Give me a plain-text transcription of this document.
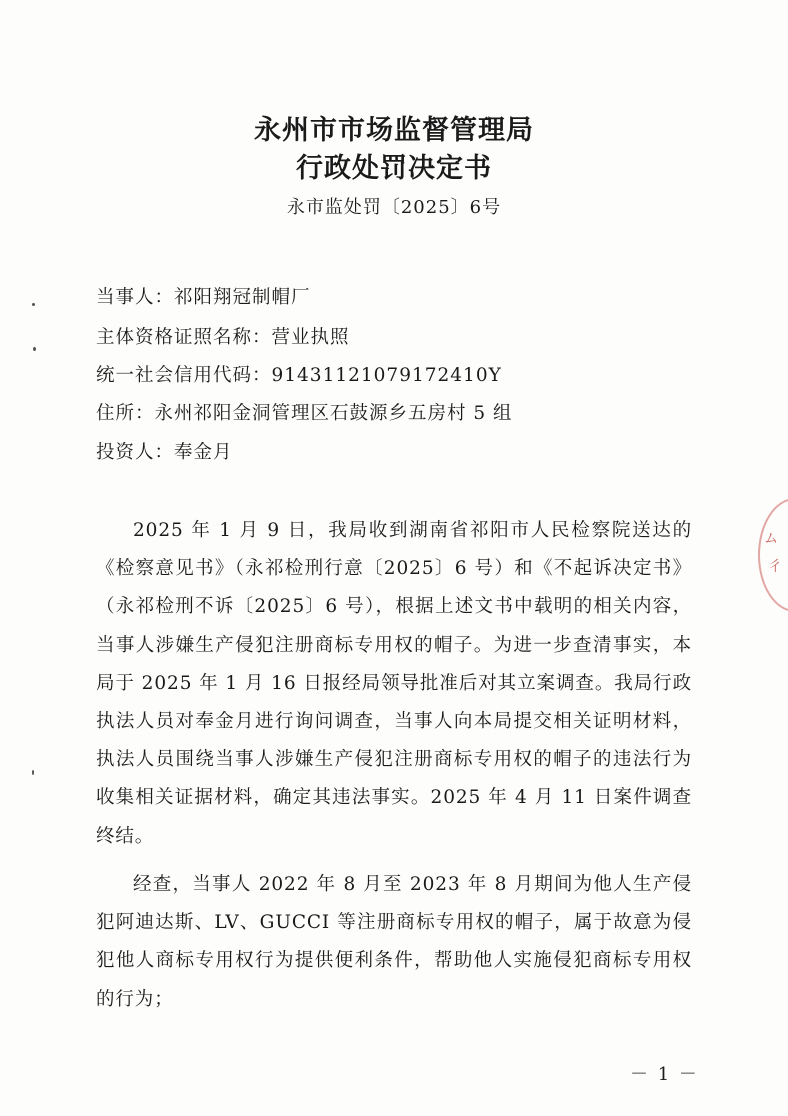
永州市市场监督管理局
行政处罚决定书
永市监处罚〔2025〕6号
当事人：祁阳翔冠制帽厂
主体资格证照名称：营业执照
统一社会信用代码：91431121079172410Y
住所：永州祁阳金洞管理区石鼓源乡五房村 5 组
投资人：奉金月

2025 年 1 月 9 日，我局收到湖南省祁阳市人民检察院送达的《检察意见书》（永祁检刑行意〔2025〕6 号）和《不起诉决定书》（永祁检刑不诉〔2025〕6 号），根据上述文书中载明的相关内容，当事人涉嫌生产侵犯注册商标专用权的帽子。为进一步查清事实，本局于 2025 年 1 月 16 日报经局领导批准后对其立案调查。我局行政执法人员对奉金月进行询问调查，当事人向本局提交相关证明材料，执法人员围绕当事人涉嫌生产侵犯注册商标专用权的帽子的违法行为收集相关证据材料，确定其违法事实。2025 年 4 月 11 日案件调查终结。

经查，当事人 2022 年 8 月至 2023 年 8 月期间为他人生产侵犯阿迪达斯、LV、GUCCI 等注册商标专用权的帽子，属于故意为侵犯他人商标专用权行为提供便利条件，帮助他人实施侵犯商标专用权的行为；

－ 1 －
ム
彳
